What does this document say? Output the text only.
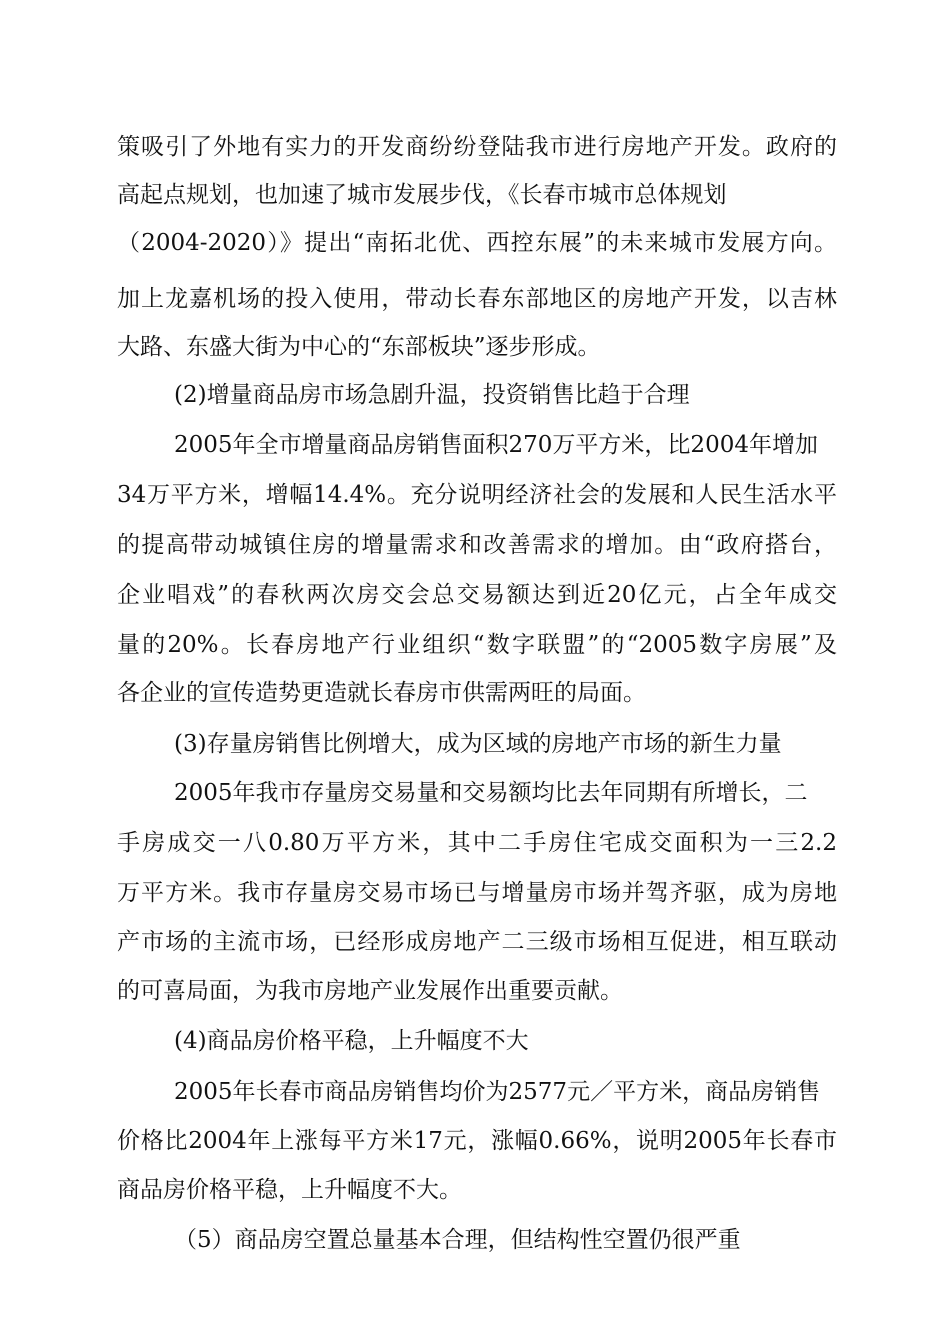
策吸引了外地有实力的开发商纷纷登陆我市进行房地产开发。政府的
高起点规划，也加速了城市发展步伐，《长春市城市总体规划
（2004-2020）》提出“南拓北优、西控东展”的未来城市发展方向。
加上龙嘉机场的投入使用，带动长春东部地区的房地产开发，以吉林
大路、东盛大街为中心的“东部板块”逐步形成。
(2)增量商品房市场急剧升温，投资销售比趋于合理
2005年全市增量商品房销售面积270万平方米，比2004年增加
34万平方米，增幅14.4%。充分说明经济社会的发展和人民生活水平
的提高带动城镇住房的增量需求和改善需求的增加。由“政府搭台，
企业唱戏”的春秋两次房交会总交易额达到近20亿元，占全年成交
量的20%。长春房地产行业组织“数字联盟”的“2005数字房展”及
各企业的宣传造势更造就长春房市供需两旺的局面。
(3)存量房销售比例增大，成为区域的房地产市场的新生力量
2005年我市存量房交易量和交易额均比去年同期有所增长，二
手房成交一八0.80万平方米，其中二手房住宅成交面积为一三2.2
万平方米。我市存量房交易市场已与增量房市场并驾齐驱，成为房地
产市场的主流市场，已经形成房地产二三级市场相互促进，相互联动
的可喜局面，为我市房地产业发展作出重要贡献。
(4)商品房价格平稳，上升幅度不大
2005年长春市商品房销售均价为2577元／平方米，商品房销售
价格比2004年上涨每平方米17元，涨幅0.66%，说明2005年长春市
商品房价格平稳，上升幅度不大。
（5）商品房空置总量基本合理，但结构性空置仍很严重
